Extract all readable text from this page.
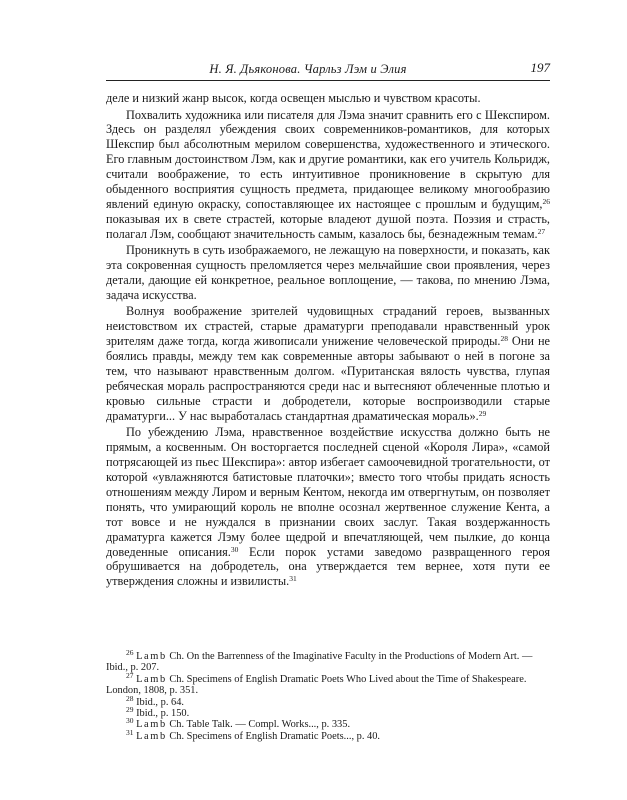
Н. Я. Дьяконова. Чарльз Лэм и Элия	197

деле и низкий жанр высок, когда освещен мыслью и чувством красоты.

Похвалить художника или писателя для Лэма значит сравнить его с Шекспиром. Здесь он разделял убеждения своих современников-романтиков, для которых Шекспир был абсолютным мерилом совершенства, художественного и этического. Его главным достоинством Лэм, как и другие романтики, как его учитель Кольридж, считали воображение, то есть интуитивное проникновение в скрытую для обыденного восприятия сущность предмета, придающее великому многообразию явлений единую окраску, сопоставляющее их настоящее с прошлым и будущим,$^{26}$ показывая их в свете страстей, которые владеют душой поэта. Поэзия и страсть, полагал Лэм, сообщают значительность самым, казалось бы, безнадежным темам.$^{27}$

Проникнуть в суть изображаемого, не лежащую на поверхности, и показать, как эта сокровенная сущность преломляется через мельчайшие свои проявления, через детали, дающие ей конкретное, реальное воплощение, — такова, по мнению Лэма, задача искусства.

Волнуя воображение зрителей чудовищных страданий героев, вызванных неистовством их страстей, старые драматурги преподавали нравственный урок зрителям даже тогда, когда живописали унижение человеческой природы.$^{28}$ Они не боялись правды, между тем как современные авторы забывают о ней в погоне за тем, что называют нравственным долгом. «Пуританская вялость чувства, глупая ребяческая мораль распространяются среди нас и вытесняют облеченные плотью и кровью сильные страсти и добродетели, которые воспроизводили старые драматурги... У нас выработалась стандартная драматическая мораль».$^{29}$

По убеждению Лэма, нравственное воздействие искусства должно быть не прямым, а косвенным. Он восторгается последней сценой «Короля Лира», «самой потрясающей из пьес Шекспира»: автор избегает самоочевидной трогательности, от которой «увлажняются батистовые платочки»; вместо того чтобы придать ясность отношениям между Лиром и верным Кентом, некогда им отвергнутым, он позволяет понять, что умирающий король не вполне осознал жертвенное служение Кента, а тот вовсе и не нуждался в признании своих заслуг. Такая воздержанность драматурга кажется Лэму более щедрой и впечатляющей, чем пылкие, до конца доведенные описания.$^{30}$ Если порок устами заведомо развращенного героя обрушивается на добродетель, она утверждается тем вернее, хотя пути ее утверждения сложны и извилисты.$^{31}$

$^{26}$ Lamb Ch. On the Barrenness of the Imaginative Faculty in the Productions of Modern Art. — Ibid., p. 207.

$^{27}$ Lamb Ch. Specimens of English Dramatic Poets Who Lived about the Time of Shakespeare. London, 1808, p. 351.

$^{28}$ Ibid., p. 64.

$^{29}$ Ibid., p. 150.

$^{30}$ Lamb Ch. Table Talk. — Compl. Works..., p. 335.

$^{31}$ Lamb Ch. Specimens of English Dramatic Poets..., p. 40.
